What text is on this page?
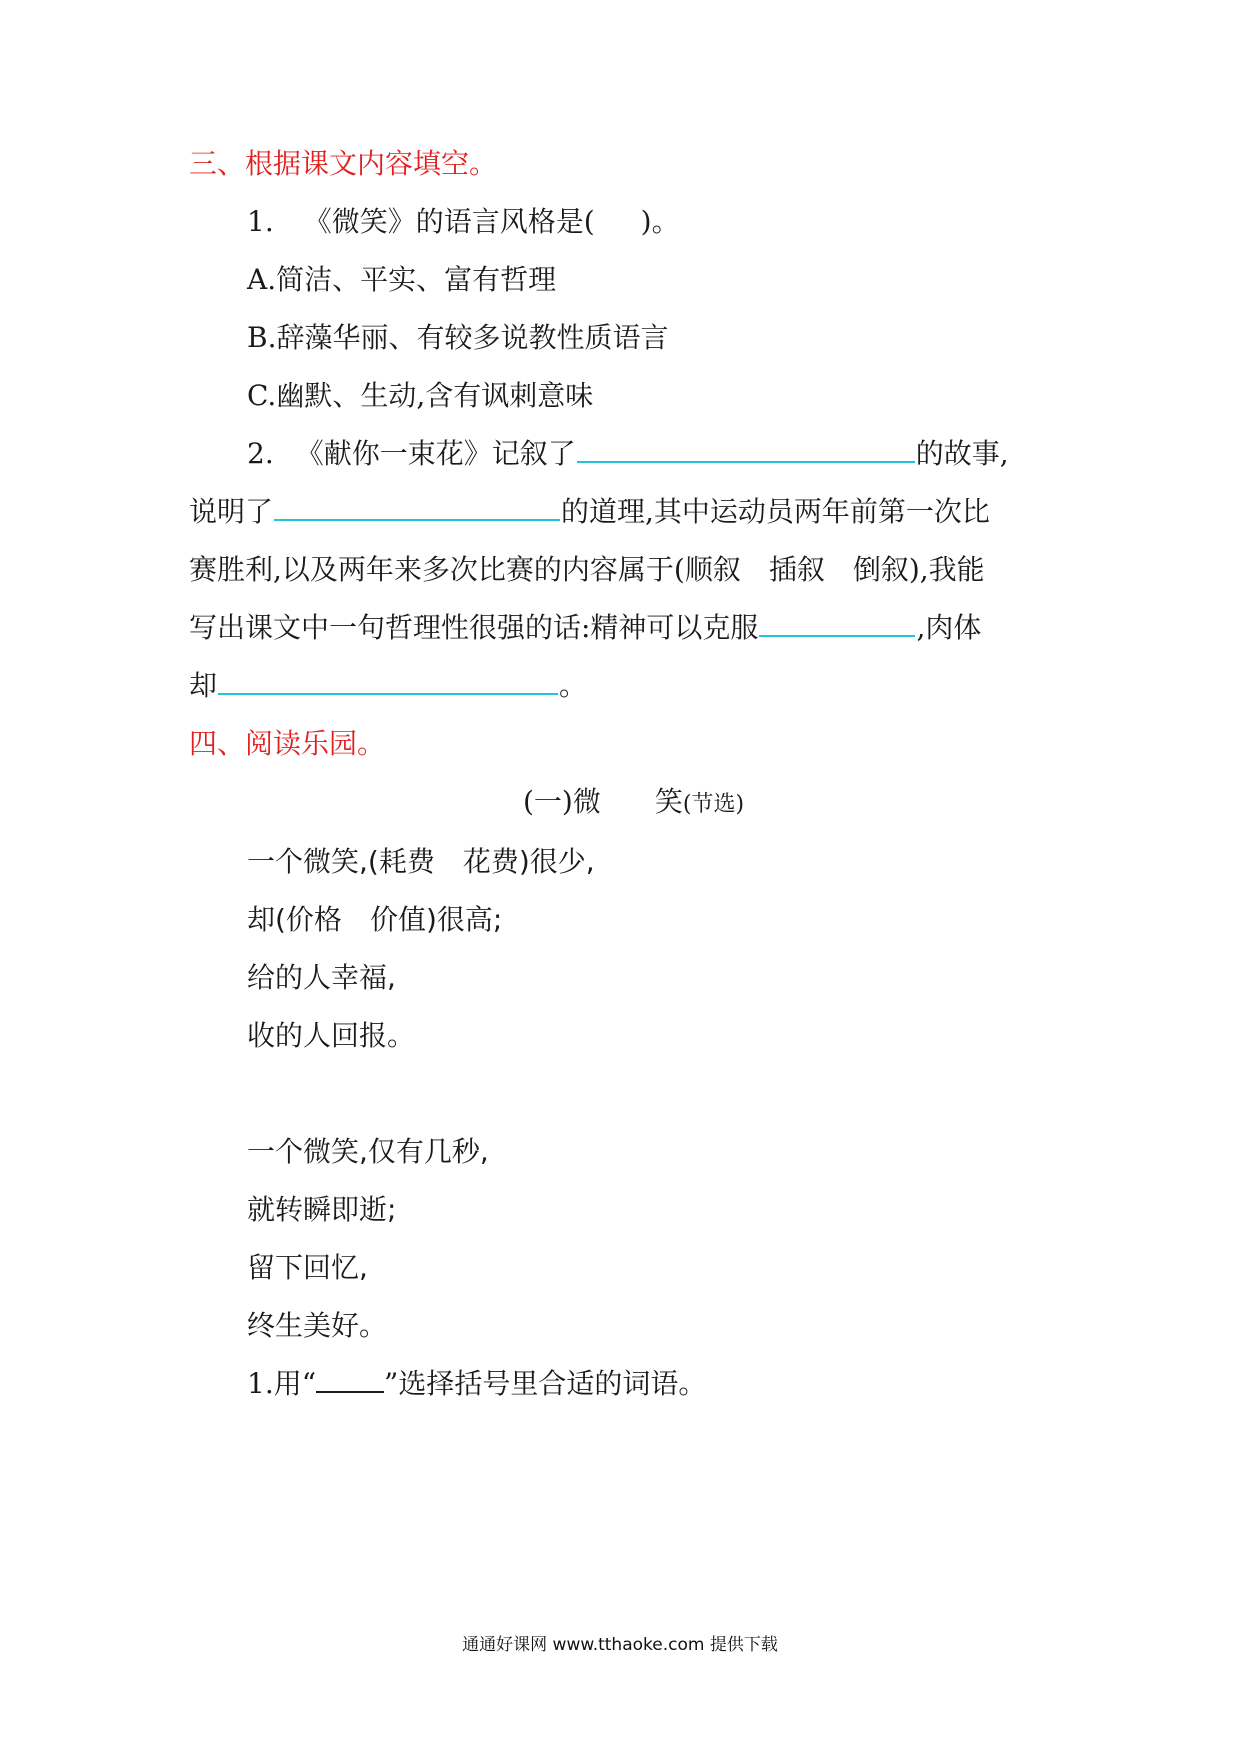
三、根据课文内容填空。
1. 《微笑》的语言风格是( )。
A.简洁、平实、富有哲理
B.辞藻华丽、有较多说教性质语言
C.幽默、生动,含有讽刺意味
2. 《献你一束花》记叙了	的故事,
说明了	的道理,其中运动员两年前第一次比
赛胜利,以及两年来多次比赛的内容属于(顺叙 插叙 倒叙),我能
写出课文中一句哲理性很强的话:精神可以克服	,肉体
却	。
四、阅读乐园。
(一)微 笑(节选)
一个微笑,(耗费 花费)很少,
却(价格 价值)很高;
给的人幸福,
收的人回报。
一个微笑,仅有几秒,
就转瞬即逝;
留下回忆,
终生美好。
1.用“ ”选择括号里合适的词语。
通通好课网 www.tthaoke.com 提供下载
